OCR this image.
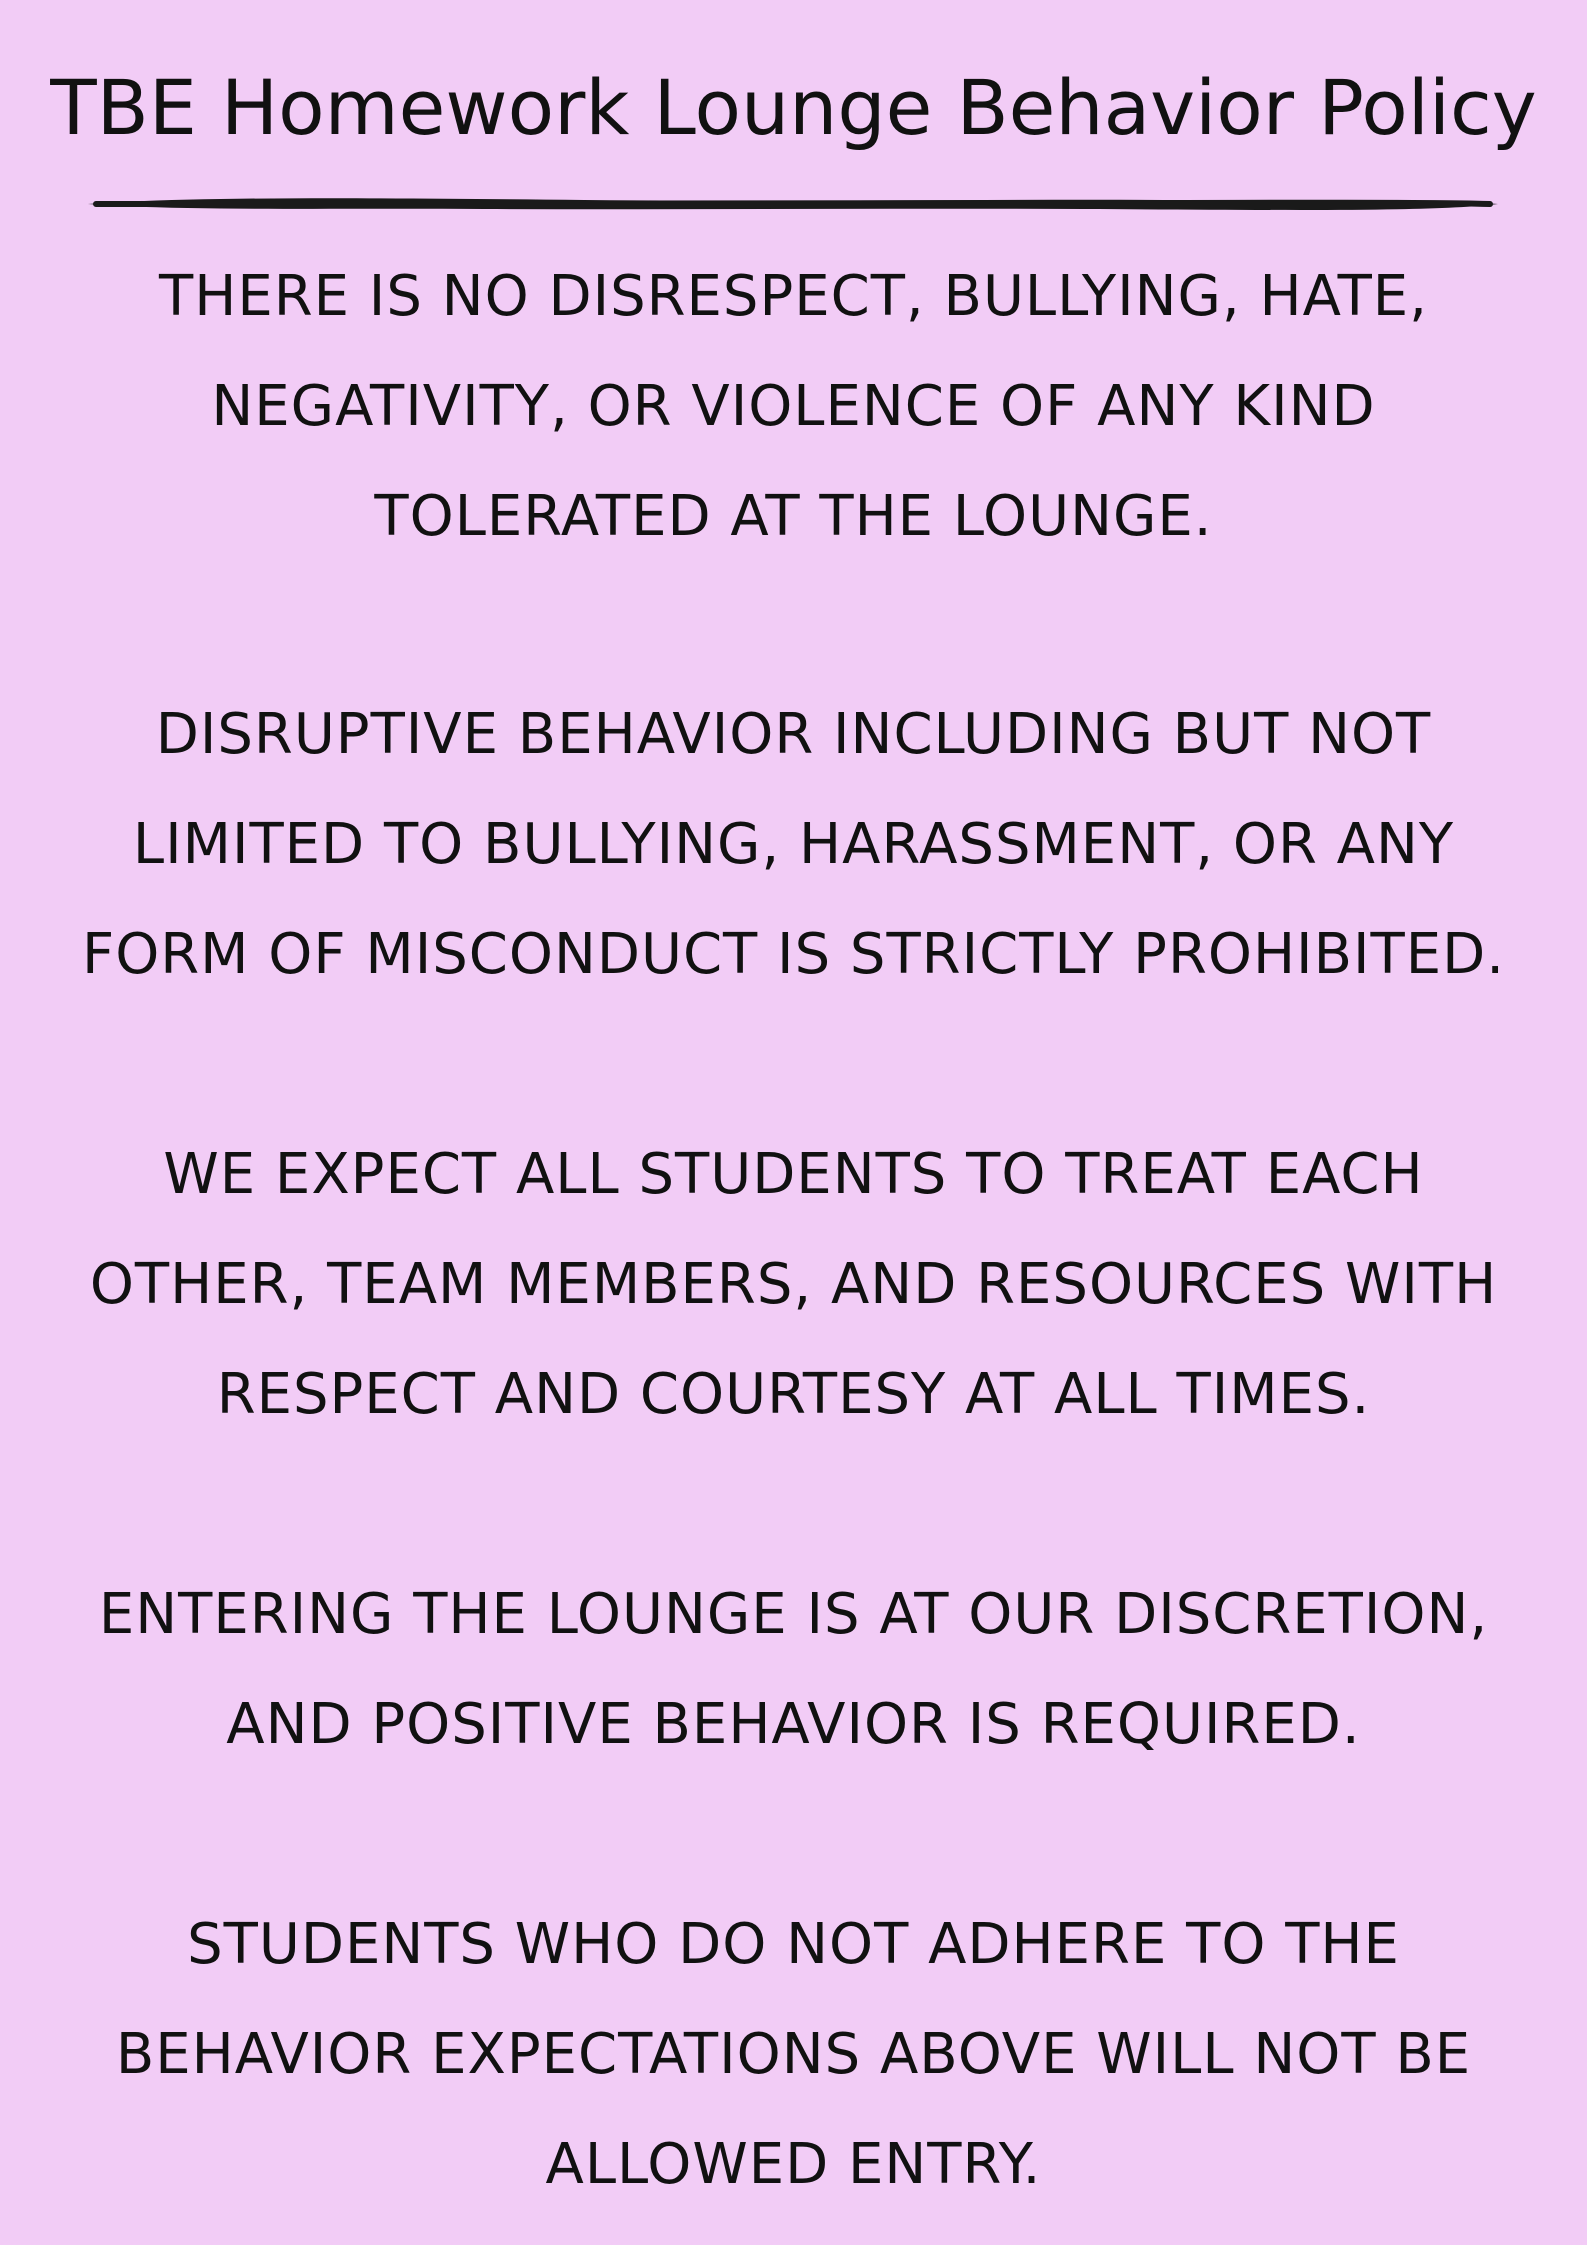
TBE Homework Lounge Behavior Policy
THERE IS NO DISRESPECT, BULLYING, HATE,
NEGATIVITY, OR VIOLENCE OF ANY KIND
TOLERATED AT THE LOUNGE.
DISRUPTIVE BEHAVIOR INCLUDING BUT NOT
LIMITED TO BULLYING, HARASSMENT, OR ANY
FORM OF MISCONDUCT IS STRICTLY PROHIBITED.
WE EXPECT ALL STUDENTS TO TREAT EACH
OTHER, TEAM MEMBERS, AND RESOURCES WITH
RESPECT AND COURTESY AT ALL TIMES.
ENTERING THE LOUNGE IS AT OUR DISCRETION,
AND POSITIVE BEHAVIOR IS REQUIRED.
STUDENTS WHO DO NOT ADHERE TO THE
BEHAVIOR EXPECTATIONS ABOVE WILL NOT BE
ALLOWED ENTRY.
